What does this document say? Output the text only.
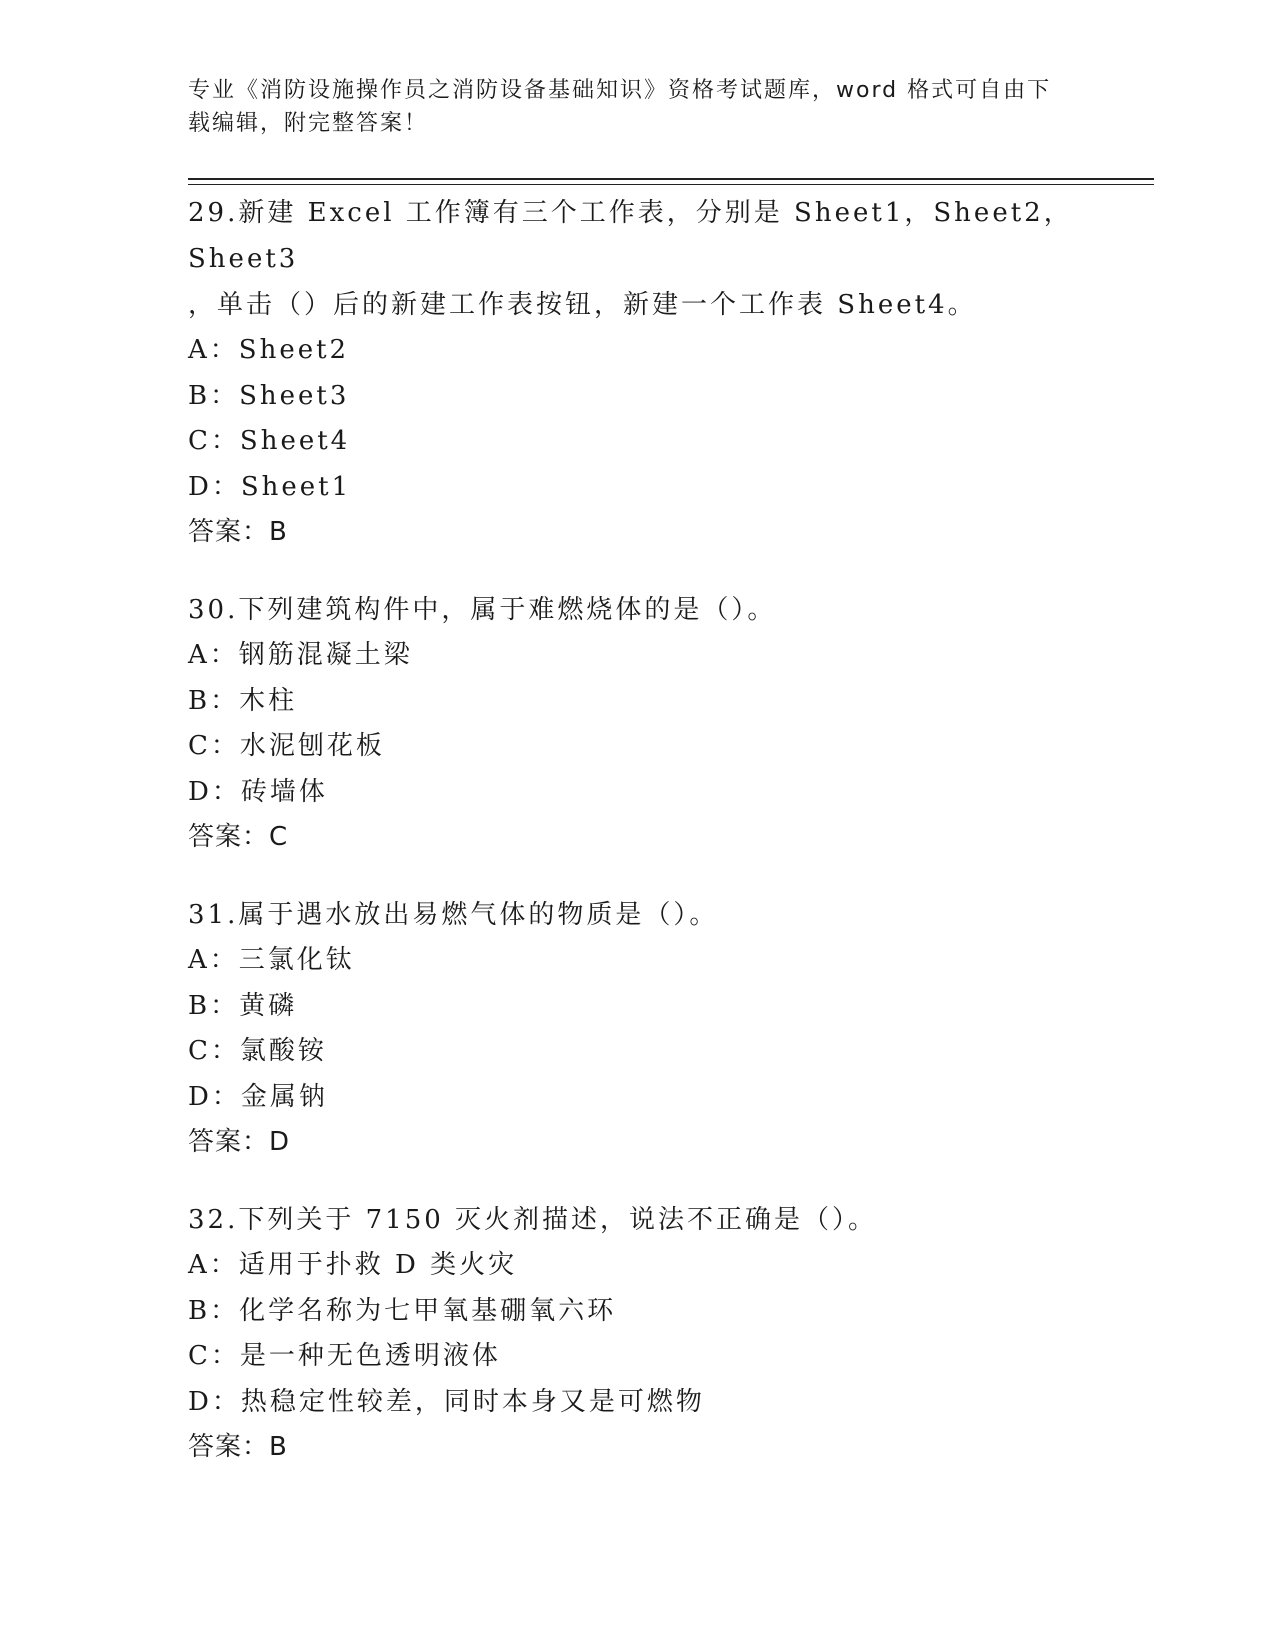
专业《消防设施操作员之消防设备基础知识》资格考试题库，word 格式可自由下
载编辑，附完整答案！
29.新建 Excel 工作簿有三个工作表，分别是 Sheet1，Sheet2，Sheet3
，单击（）后的新建工作表按钮，新建一个工作表 Sheet4。
A：Sheet2
B：Sheet3
C：Sheet4
D：Sheet1
答案：B
30.下列建筑构件中，属于难燃烧体的是（）。
A：钢筋混凝土梁
B：木柱
C：水泥刨花板
D：砖墙体
答案：C
31.属于遇水放出易燃气体的物质是（）。
A：三氯化钛
B：黄磷
C：氯酸铵
D：金属钠
答案：D
32.下列关于 7150 灭火剂描述，说法不正确是（）。
A：适用于扑救 D 类火灾
B：化学名称为七甲氧基硼氧六环
C：是一种无色透明液体
D：热稳定性较差，同时本身又是可燃物
答案：B
